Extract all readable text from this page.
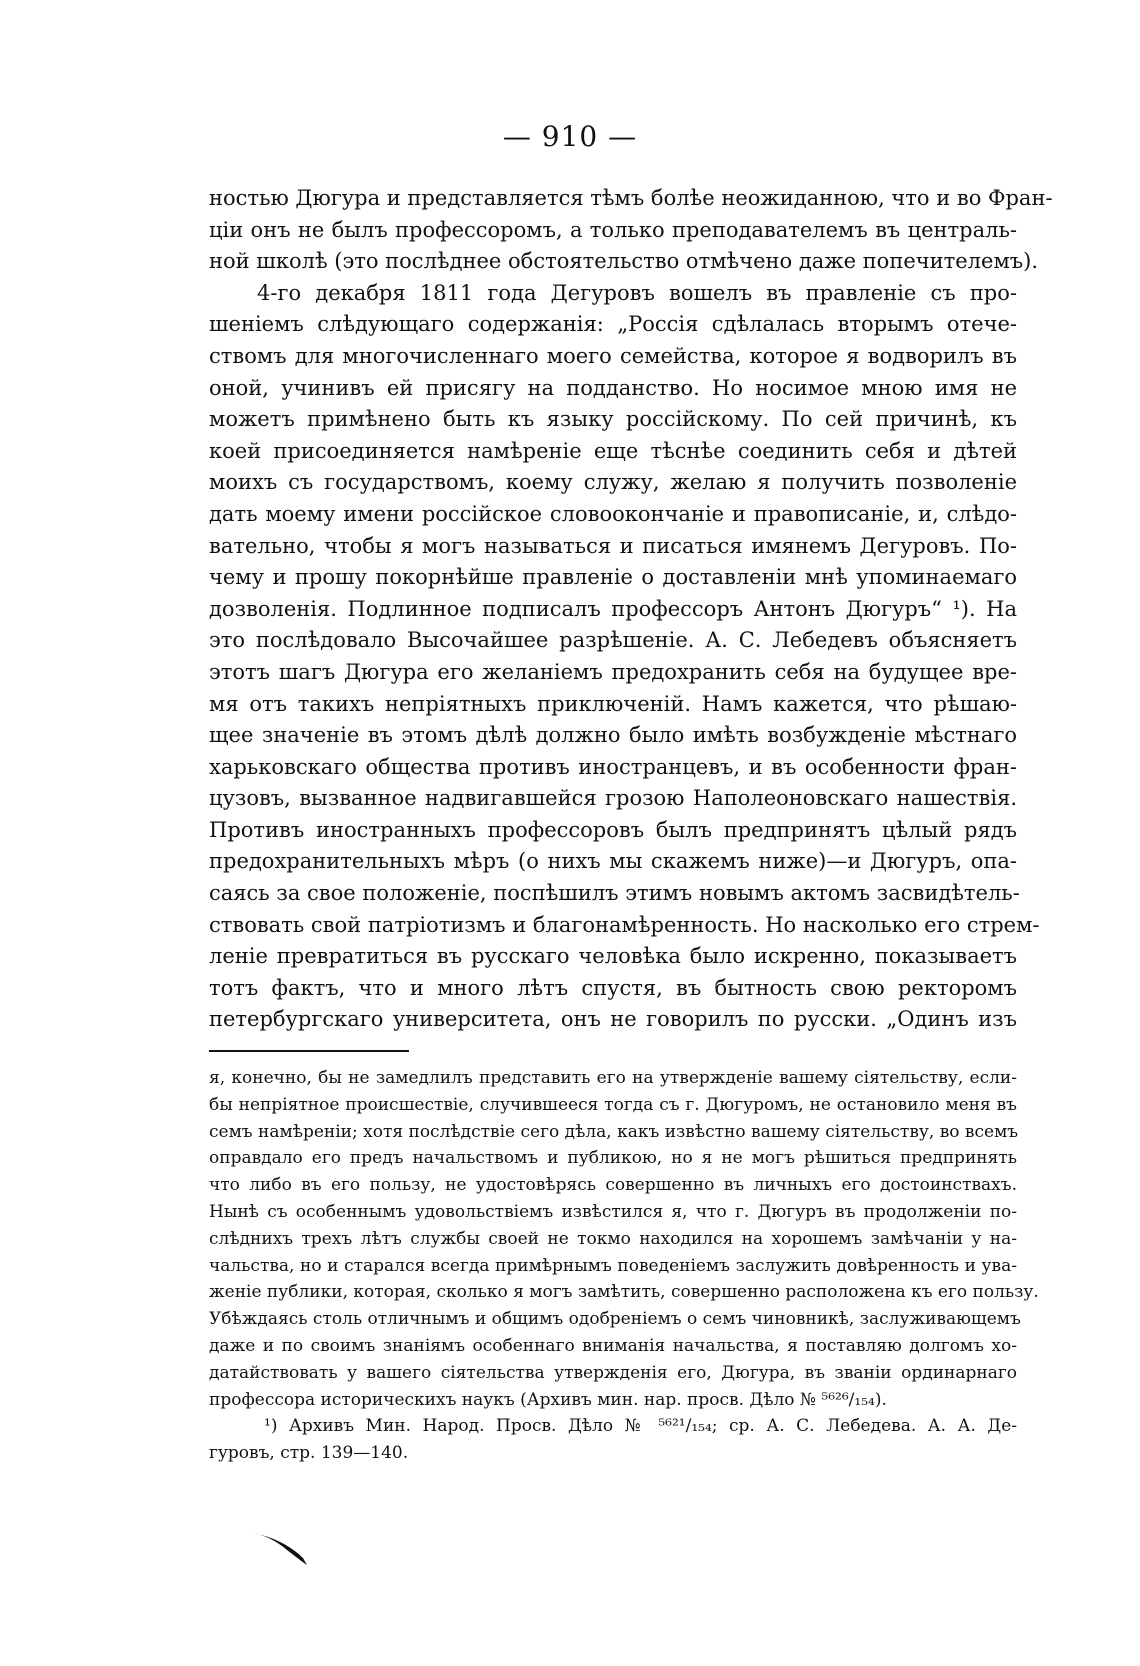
— 910 —
ностью Дюгура и представляется тѣмъ болѣе неожиданною, что и во Фран-
ціи онъ не былъ профессоромъ, а только преподавателемъ въ централь-
ной школѣ (это послѣднее обстоятельство отмѣчено даже попечителемъ).
4-го декабря 1811 года Дегуровъ вошелъ въ правленіе съ про-
шеніемъ слѣдующаго содержанія: „Россія сдѣлалась вторымъ отече-
ствомъ для многочисленнаго моего семейства, которое я водворилъ въ
оной, учинивъ ей присягу на подданство. Но носимое мною имя не
можетъ примѣнено быть къ языку россійскому. По сей причинѣ, къ
коей присоединяется намѣреніе еще тѣснѣе соединить себя и дѣтей
моихъ съ государствомъ, коему служу, желаю я получить позволеніе
дать моему имени россійское словоокончаніе и правописаніе, и, слѣдо-
вательно, чтобы я могъ называться и писаться имянемъ Дегуровъ. По-
чему и прошу покорнѣйше правленіе о доставленіи мнѣ упоминаемаго
дозволенія. Подлинное подписалъ профессоръ Антонъ Дюгуръ“ ¹). На
это послѣдовало Высочайшее разрѣшеніе. А. С. Лебедевъ объясняетъ
этотъ шагъ Дюгура его желаніемъ предохранить себя на будущее вре-
мя отъ такихъ непріятныхъ приключеній. Намъ кажется, что рѣшаю-
щее значеніе въ этомъ дѣлѣ должно было имѣть возбужденіе мѣстнаго
харьковскаго общества противъ иностранцевъ, и въ особенности фран-
цузовъ, вызванное надвигавшейся грозою Наполеоновскаго нашествія.
Противъ иностранныхъ профессоровъ былъ предпринятъ цѣлый рядъ
предохранительныхъ мѣръ (о нихъ мы скажемъ ниже)—и Дюгуръ, опа-
саясь за свое положеніе, поспѣшилъ этимъ новымъ актомъ засвидѣтель-
ствовать свой патріотизмъ и благонамѣренность. Но насколько его стрем-
леніе превратиться въ русскаго человѣка было искренно, показываетъ
тотъ фактъ, что и много лѣтъ спустя, въ бытность свою ректоромъ
петербургскаго университета, онъ не говорилъ по русски. „Одинъ изъ
я, конечно, бы не замедлилъ представить его на утвержденіе вашему сіятельству, если-
бы непріятное происшествіе, случившееся тогда съ г. Дюгуромъ, не остановило меня въ
семъ намѣреніи; хотя послѣдствіе сего дѣла, какъ извѣстно вашему сіятельству, во всемъ
оправдало его предъ начальствомъ и публикою, но я не могъ рѣшиться предпринять
что либо въ его пользу, не удостовѣрясь совершенно въ личныхъ его достоинствахъ.
Нынѣ съ особеннымъ удовольствіемъ извѣстился я, что г. Дюгуръ въ продолженіи по-
слѣднихъ трехъ лѣтъ службы своей не токмо находился на хорошемъ замѣчаніи у на-
чальства, но и старался всегда примѣрнымъ поведеніемъ заслужить довѣренность и ува-
женіе публики, которая, сколько я могъ замѣтить, совершенно расположена къ его пользу.
Убѣждаясь столь отличнымъ и общимъ одобреніемъ о семъ чиновникѣ, заслуживающемъ
даже и по своимъ знаніямъ особеннаго вниманія начальства, я поставляю долгомъ хо-
датайствовать у вашего сіятельства утвержденія его, Дюгура, въ званіи ординарнаго
профессора историческихъ наукъ (Архивъ мин. нар. просв. Дѣло № ⁵⁶²⁶/₁₅₄).
¹) Архивъ Мин. Народ. Просв. Дѣло № ⁵⁶²¹/₁₅₄; ср. А. С. Лебедева. А. А. Де-
гуровъ, стр. 139—140.
